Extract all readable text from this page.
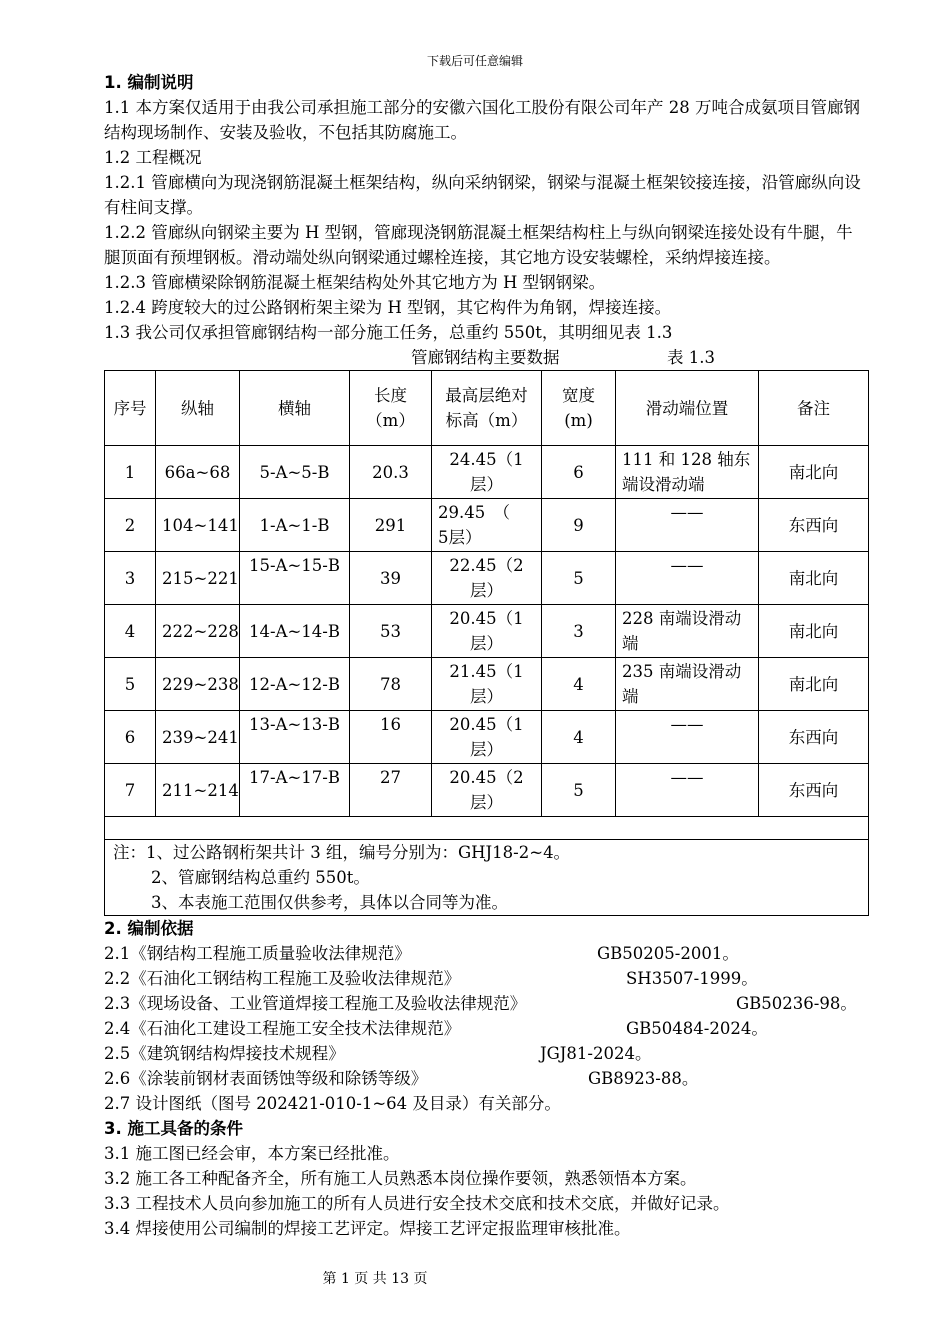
下载后可任意编辑
1. 编制说明
1.1 本方案仅适用于由我公司承担施工部分的安徽六国化工股份有限公司年产 28 万吨合成氨项目管廊钢结构现场制作、安装及验收，不包括其防腐施工。
1.2 工程概况
1.2.1 管廊横向为现浇钢筋混凝土框架结构，纵向采纳钢梁，钢梁与混凝土框架铰接连接，沿管廊纵向设有柱间支撑。
1.2.2 管廊纵向钢梁主要为 H 型钢，管廊现浇钢筋混凝土框架结构柱上与纵向钢梁连接处设有牛腿，牛腿顶面有预埋钢板。滑动端处纵向钢梁通过螺栓连接，其它地方设安装螺栓，采纳焊接连接。
1.2.3 管廊横梁除钢筋混凝土框架结构处外其它地方为 H 型钢钢梁。
1.2.4 跨度较大的过公路钢桁架主梁为 H 型钢，其它构件为角钢，焊接连接。
1.3 我公司仅承担管廊钢结构一部分施工任务，总重约 550t，其明细见表 1.3
管廊钢结构主要数据	表 1.3
序号	纵轴	横轴	长度（m）	最高层绝对标高（m）	宽度(m)	滑动端位置	备注
1	66a~68	5-A~5-B	20.3	24.45（1层）	6	111 和 128 轴东端设滑动端	南北向
2	104~141	1-A~1-B	291	29.45　（　5层）	9	——	东西向
3	215~221	15-A~15-B	39	22.45（2层）	5	——	南北向
4	222~228	14-A~14-B	53	20.45（1层）	3	228 南端设滑动端	南北向
5	229~238	12-A~12-B	78	21.45（1层）	4	235 南端设滑动端	南北向
6	239~241	13-A~13-B	16	20.45（1层）	4	——	东西向
7	211~214	17-A~17-B	27	20.45（2层）	5	——	东西向

注：1、过公路钢桁架共计 3 组，编号分别为：GHJ18-2~4。
2、管廊钢结构总重约 550t。
3、本表施工范围仅供参考，具体以合同等为准。							
2. 编制依据
2.1《钢结构工程施工质量验收法律规范》	GB50205-2001。
2.2《石油化工钢结构工程施工及验收法律规范》	SH3507-1999。
2.3《现场设备、工业管道焊接工程施工及验收法律规范》	GB50236-98。
2.4《石油化工建设工程施工安全技术法律规范》	GB50484-2024。
2.5《建筑钢结构焊接技术规程》	JGJ81-2024。
2.6《涂装前钢材表面锈蚀等级和除锈等级》	GB8923-88。
2.7 设计图纸（图号 202421-010-1~64 及目录）有关部分。
3. 施工具备的条件
3.1 施工图已经会审，本方案已经批准。
3.2 施工各工种配备齐全，所有施工人员熟悉本岗位操作要领，熟悉领悟本方案。
3.3 工程技术人员向参加施工的所有人员进行安全技术交底和技术交底，并做好记录。
3.4 焊接使用公司编制的焊接工艺评定。焊接工艺评定报监理审核批准。
第 1 页 共 13 页
